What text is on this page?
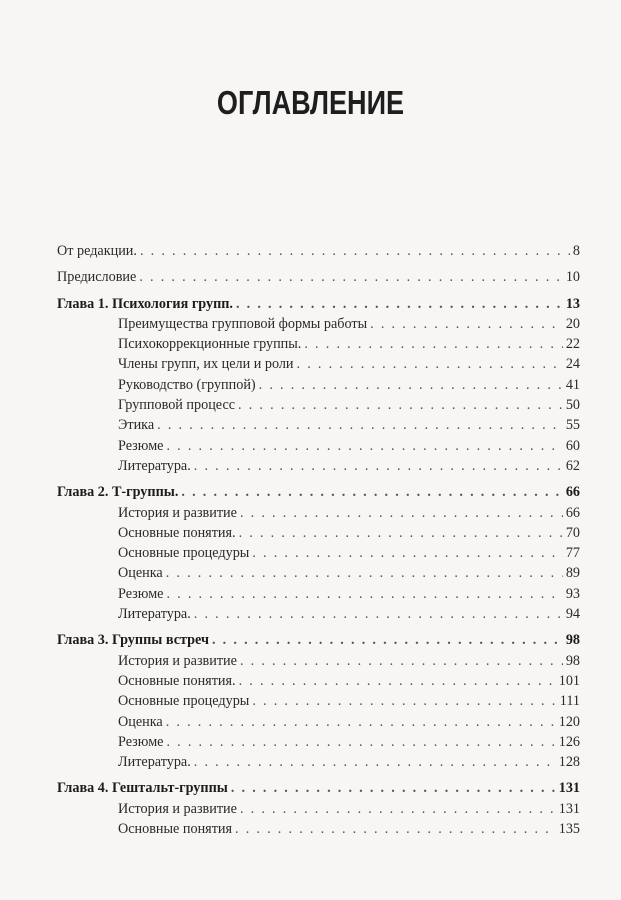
ОГЛАВЛЕНИЕ
От редакции. . . .	8
Предисловие . . .	10
Глава 1. Психология групп. . . .	13
Преимущества групповой формы работы . . .	20
Психокоррекционные группы. . . .	22
Члены групп, их цели и роли . . .	24
Руководство (группой) . . .	41
Групповой процесс . . .	50
Этика . . .	55
Резюме . . .	60
Литература. . . .	62
Глава 2. Т-группы. . . .	66
История и развитие . . .	66
Основные понятия. . . .	70
Основные процедуры . . .	77
Оценка . . .	89
Резюме . . .	93
Литература. . . .	94
Глава 3. Группы встреч . . .	98
История и развитие . . .	98
Основные понятия. . . .	101
Основные процедуры . . .	111
Оценка . . .	120
Резюме . . .	126
Литература. . . .	128
Глава 4. Гештальт-группы . . .	131
История и развитие . . .	131
Основные понятия . . .	135
